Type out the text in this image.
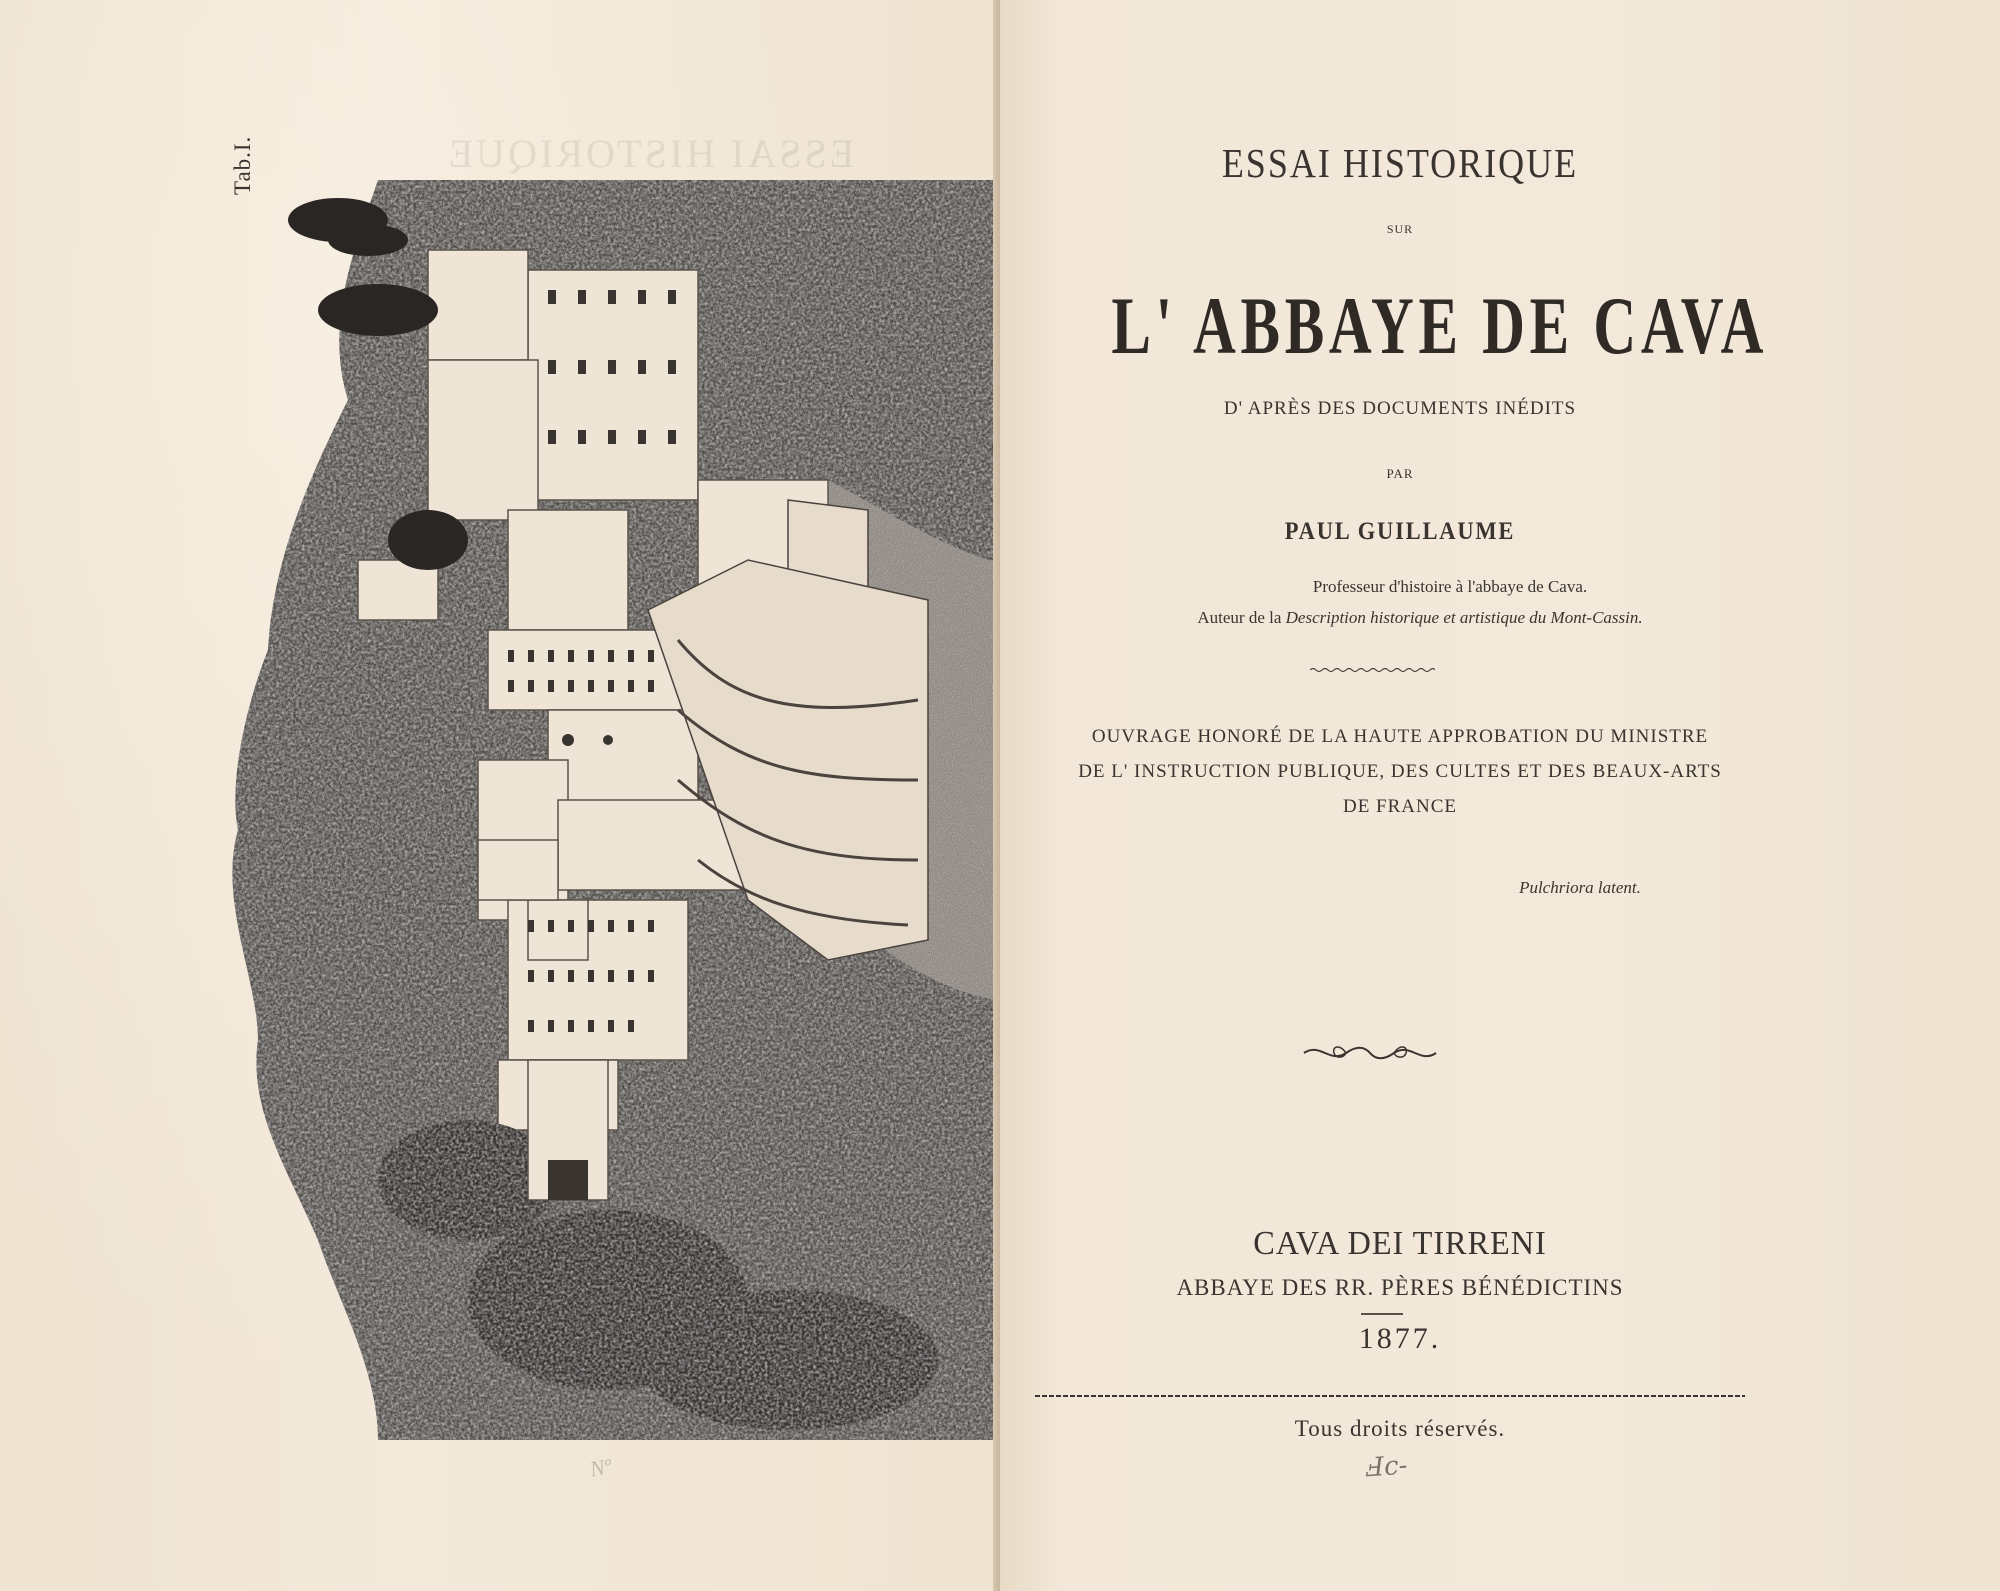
ESSAI HISTORIQUE
Tab.I.
Nº
ESSAI HISTORIQUE
SUR
L' ABBAYE DE CAVA
D' APRÈS DES DOCUMENTS INÉDITS
PAR
PAUL GUILLAUME
Professeur d'histoire à l'abbaye de Cava.
Auteur de la Description historique et artistique du Mont-Cassin.
OUVRAGE HONORÉ DE LA HAUTE APPROBATION DU MINISTRE
DE L' INSTRUCTION PUBLIQUE, DES CULTES ET DES BEAUX-ARTS
DE FRANCE
Pulchriora latent.
CAVA DEI TIRRENI
ABBAYE DES RR. PÈRES BÉNÉDICTINS
1877.
Tous droits réservés.
Ⅎc-
